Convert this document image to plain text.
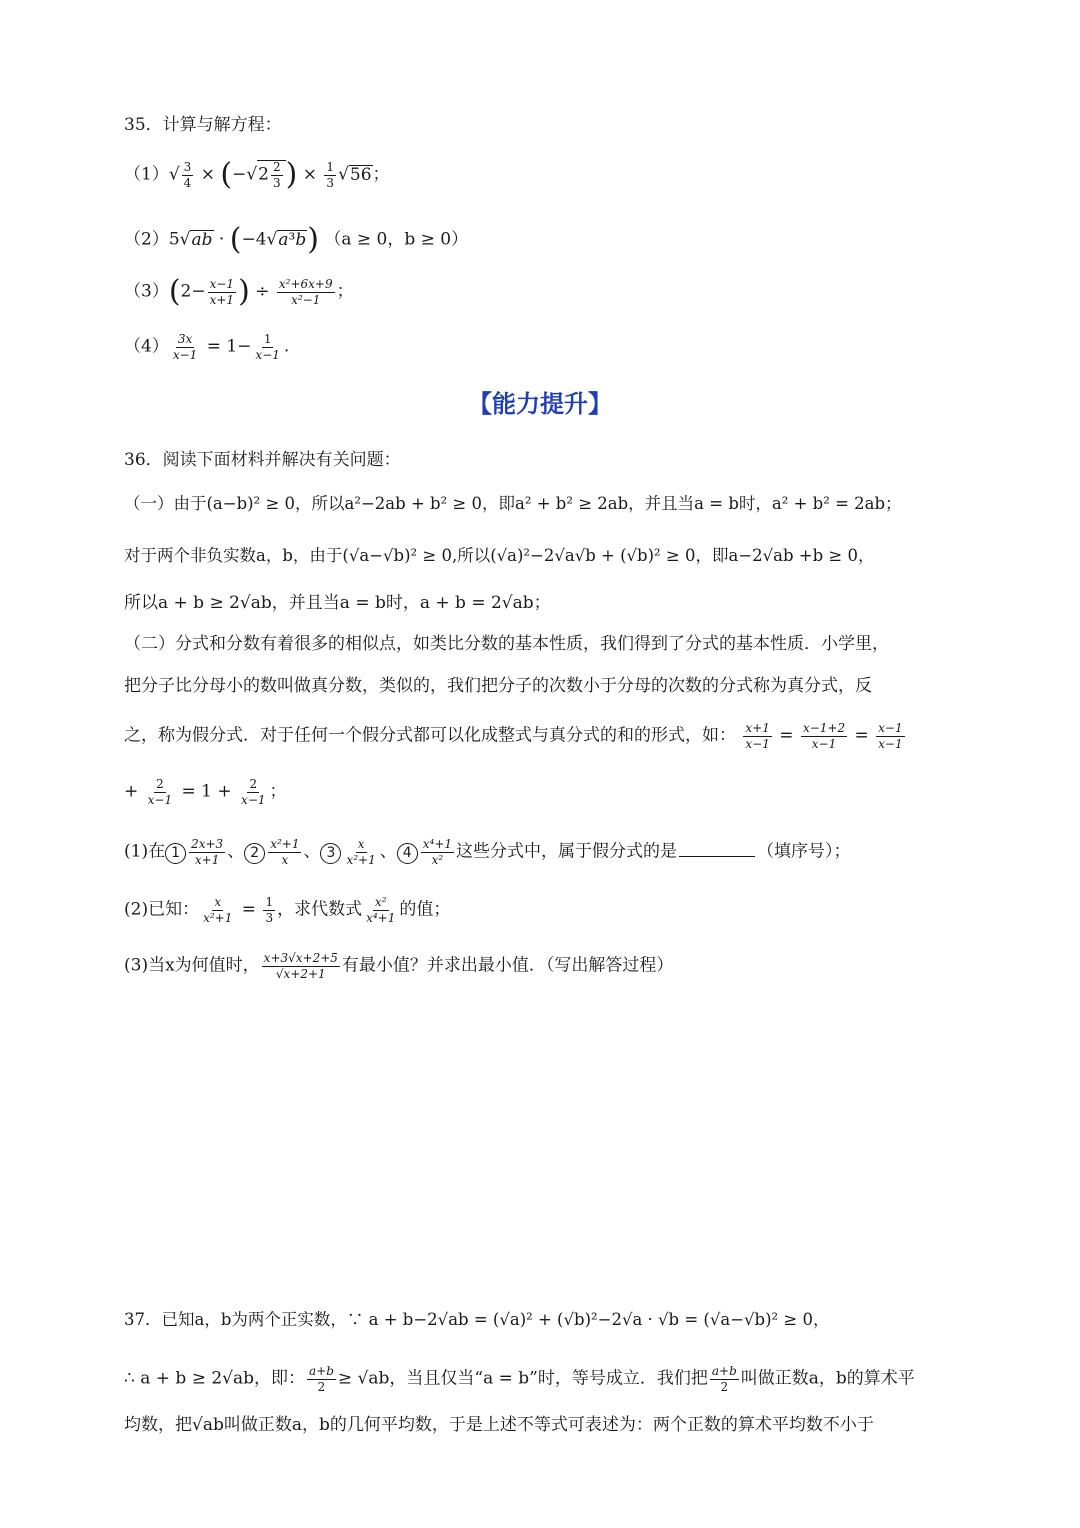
35．计算与解方程：
$(1)√ \frac{3}{4} \times (-√2 \frac{2}{3}$ ) × $\frac{1}{3} √56$；
（2）5√ab · (−4√a³b) （a ≥ 0，b ≥ 0）
$(3)(2- \frac{x-1}{x+1}$ ) ÷ $\frac{\text{x²+6x+9}}{\text{x²−1}}$ ；
$(4) \frac{3x}{x-1} = 1- \frac{1}{x-1}$ .
【能力提升】
36．阅读下面材料并解决有关问题：
（一）由于(a−b)² ≥ 0，所以a²−2ab + b² ≥ 0，即a² + b² ≥ 2ab，并且当a = b时，a² + b² = 2ab；
对于两个非负实数a，b，由于(√a−√b)² ≥ 0,所以(√a)²−2√a√b + (√b)² ≥ 0，即a−2√ab +b ≥ 0，
所以a + b ≥ 2√ab，并且当a = b时，a + b = 2√ab；
（二）分式和分数有着很多的相似点，如类比分数的基本性质，我们得到了分式的基本性质．小学里，
把分子比分母小的数叫做真分数，类似的，我们把分子的次数小于分母的次数的分式称为真分式，反
之，称为假分式．对于任何一个假分式都可以化成整式与真分式的和的形式，如： $\frac{x+1}{x-1} = \frac{x-1+2}{x-1} = \frac{x-1}{x-1}$
+ $\frac{2}{x-1} = 1 + \frac{2}{x-1}$ ；
(1)在 $1 \frac{2x+3}{x+1}$ 、 $2 \frac{\text{x²+1}}{x}$ 、 $3 \frac{x}{\text{x²+1}}$ 、 $4 \frac{\text{x⁴+1}}{\text{x²}}$ 这些分式中，属于假分式的是	（填序号）；
(2)已知： $\frac{x}{\text{x²+1}} = \frac{1}{3}$ ，求代数式 $\frac{\text{x²}}{\text{x⁴+1}}$ 的值；
(3)当x为何值时， $\frac{x+3√x+2+5}{√x+2+1}$ 有最小值？并求出最小值．（写出解答过程）
37．已知a，b为两个正实数，∵ a + b−2√ab = (√a)² + (√b)²−2√a · √b = (√a−√b)² ≥ 0，
∴ a + b ≥ 2√ab，即： $\frac{a+b}{2} \ge √ab$，当且仅当“a = b”时，等号成立．我们把 $\frac{a+b}{2}$ 叫做正数a，b的算术平
均数，把√ab叫做正数a，b的几何平均数，于是上述不等式可表述为：两个正数的算术平均数不小于
